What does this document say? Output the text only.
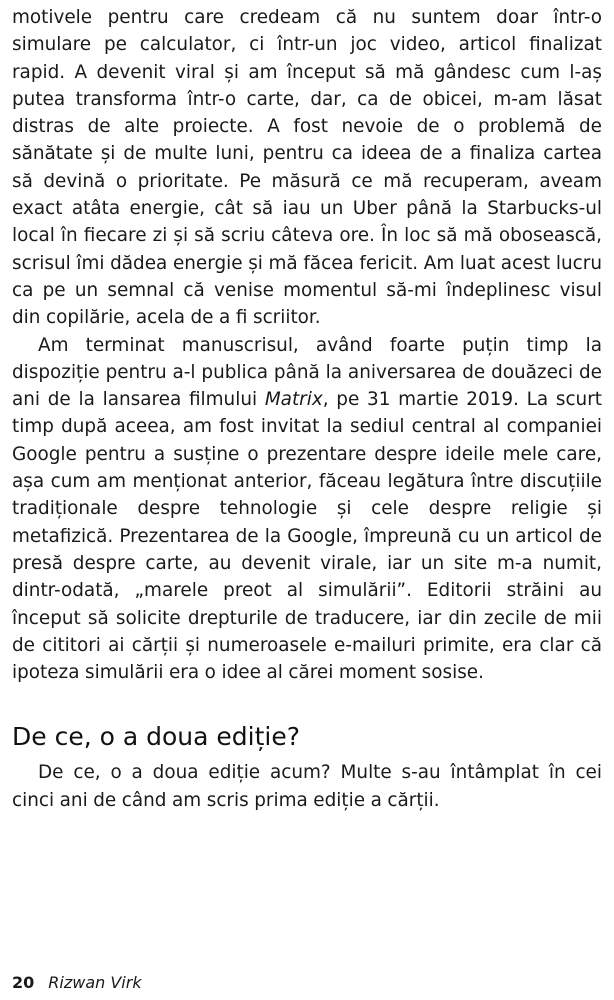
motivele pentru care credeam că nu suntem doar într-o simulare pe calculator, ci într-un joc video, articol finalizat rapid. A devenit viral și am început să mă gândesc cum l-aș putea transforma într-o carte, dar, ca de obicei, m-am lăsat distras de alte proiecte. A fost nevoie de o problemă de sănătate și de multe luni, pentru ca ideea de a finaliza cartea să devină o prioritate. Pe măsură ce mă recuperam, aveam exact atâta energie, cât să iau un Uber până la Starbucks-ul local în fiecare zi și să scriu câteva ore. În loc să mă obosească, scrisul îmi dădea energie și mă făcea fericit. Am luat acest lucru ca pe un semnal că venise momentul să-mi îndeplinesc visul din copilărie, acela de a fi scriitor.

Am terminat manuscrisul, având foarte puțin timp la dispoziție pentru a-l publica până la aniversarea de douăzeci de ani de la lansarea filmului Matrix, pe 31 martie 2019. La scurt timp după aceea, am fost invitat la sediul central al companiei Google pentru a susține o prezentare despre ideile mele care, așa cum am menționat anterior, făceau legătura între discuțiile tradiționale despre tehnologie și cele despre religie și metafizică. Prezentarea de la Google, împreună cu un articol de presă despre carte, au devenit virale, iar un site m-a numit, dintr-odată, „marele preot al simulării”. Editorii străini au început să solicite drepturile de traducere, iar din zecile de mii de cititori ai cărții și numeroasele e-mailuri primite, era clar că ipoteza simulării era o idee al cărei moment sosise.

De ce, o a doua ediție?

De ce, o a doua ediție acum? Multe s-au întâmplat în cei cinci ani de când am scris prima ediție a cărții.

20 Rizwan Virk
